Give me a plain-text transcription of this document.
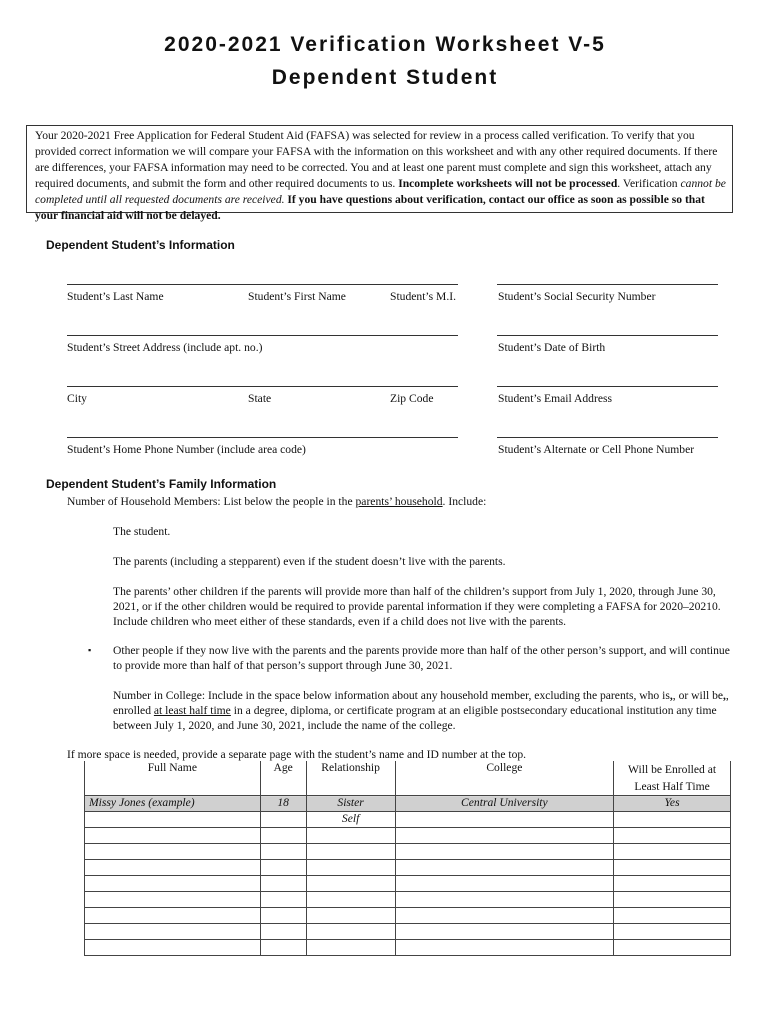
2020-2021 Verification Worksheet V-5
Dependent Student
Your 2020-2021 Free Application for Federal Student Aid (FAFSA) was selected for review in a process called verification. To verify that you provided correct information we will compare your FAFSA with the information on this worksheet and with any other required documents. If there are differences, your FAFSA information may need to be corrected. You and at least one parent must complete and sign this worksheet, attach any required documents, and submit the form and other required documents to us. Incomplete worksheets will not be processed. Verification cannot be completed until all requested documents are received. If you have questions about verification, contact our office as soon as possible so that your financial aid will not be delayed.
Dependent Student’s Information
Student’s Last Name	Student’s First Name	Student’s M.I.	Student’s Social Security Number
Student’s Street Address (include apt. no.)	Student’s Date of Birth
City	State	Zip Code	Student’s Email Address
Student’s Home Phone Number (include area code)	Student’s Alternate or Cell Phone Number
Dependent Student’s Family Information
Number of Household Members: List below the people in the parents’ household. Include:
The student.
The parents (including a stepparent) even if the student doesn’t live with the parents.
The parents’ other children if the parents will provide more than half of the children’s support from July 1, 2020, through June 30, 2021, or if the other children would be required to provide parental information if they were completing a FAFSA for 2020–20210. Include children who meet either of these standards, even if a child does not live with the parents.
▪ Other people if they now live with the parents and the parents provide more than half of the other person’s support, and will continue to provide more than half of that person’s support through June 30, 2021.
Number in College: Include in the space below information about any household member, excluding the parents, who is,, or will be,, enrolled at least half time in a degree, diploma, or certificate program at an eligible postsecondary educational institution any time between July 1, 2020, and June 30, 2021, include the name of the college.
If more space is needed, provide a separate page with the student’s name and ID number at the top.
Full Name	Age	Relationship	College	Will be Enrolled at Least Half Time
Missy Jones (example)	18	Sister	Central University	Yes
		Self		
